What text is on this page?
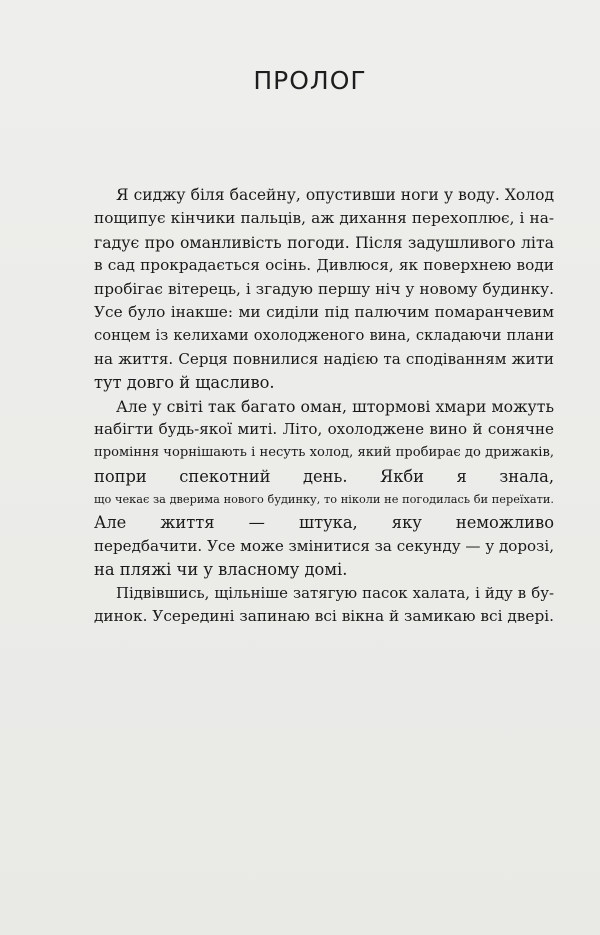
ПРОЛОГ
Я сиджу біля басейну, опустивши ноги у воду. Холод
пощипує кінчики пальців, аж дихання перехоплює, і на-
гадує про оманливість погоди. Після задушливого літа
в сад прокрадається осінь. Дивлюся, як поверхнею води
пробігає вітерець, і згадую першу ніч у новому будинку.
Усе було інакше: ми сиділи під палючим помаранчевим
сонцем із келихами охолодженого вина, складаючи плани
на життя. Серця повнилися надією та сподіванням жити
тут довго й щасливо.
Але у світі так багато оман, штормові хмари можуть
набігти будь-якої миті. Літо, охолоджене вино й сонячне
проміння чорнішають і несуть холод, який пробирає до дрижаків,
попри спекотний день. Якби я знала,
що чекає за дверима нового будинку, то ніколи не погодилась би переїхати.
Але життя — штука, яку неможливо
передбачити. Усе може змінитися за секунду — у дорозі,
на пляжі чи у власному домі.
Підвівшись, щільніше затягую пасок халата, і йду в бу-
динок. Усередині запинаю всі вікна й замикаю всі двері.
